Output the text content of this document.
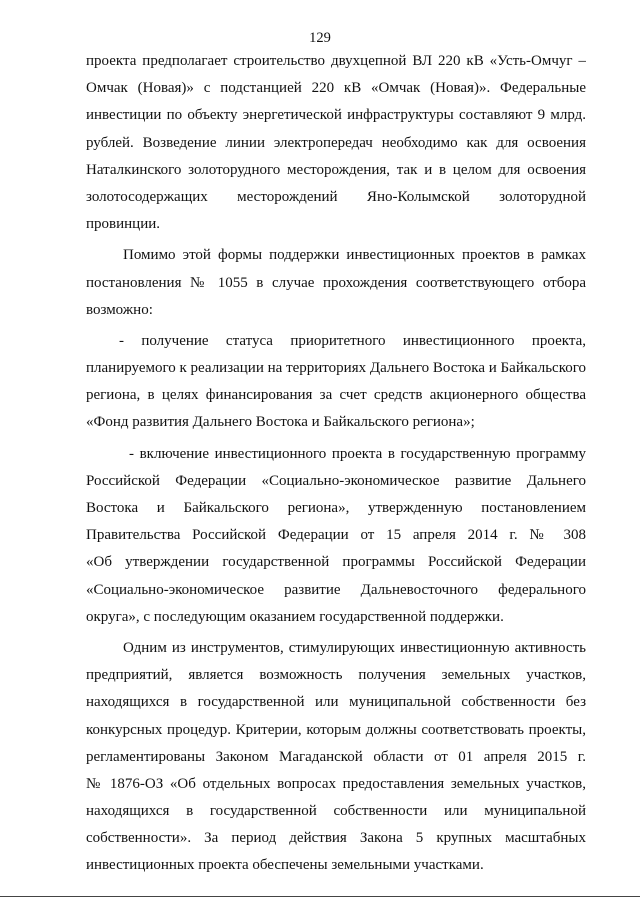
129
проекта предполагает строительство двухцепной ВЛ 220 кВ «Усть-Омчуг –
Омчак (Новая)» с подстанцией 220 кВ «Омчак (Новая)». Федеральные
инвестиции по объекту энергетической инфраструктуры составляют 9 млрд.
рублей. Возведение линии электропередач необходимо как для освоения
Наталкинского золоторудного месторождения, так и в целом для освоения
золотосодержащих месторождений Яно-Колымской золоторудной
провинции.
Помимо этой формы поддержки инвестиционных проектов в рамках
постановления № 1055 в случае прохождения соответствующего отбора
возможно:
- получение статуса приоритетного инвестиционного проекта,
планируемого к реализации на территориях Дальнего Востока и Байкальского
региона, в целях финансирования за счет средств акционерного общества
«Фонд развития Дальнего Востока и Байкальского региона»;
- включение инвестиционного проекта в государственную программу
Российской Федерации «Социально-экономическое развитие Дальнего
Востока и Байкальского региона», утвержденную постановлением
Правительства Российской Федерации от 15 апреля 2014 г. № 308
«Об утверждении государственной программы Российской Федерации
«Социально-экономическое развитие Дальневосточного федерального
округа», с последующим оказанием государственной поддержки.
Одним из инструментов, стимулирующих инвестиционную активность
предприятий, является возможность получения земельных участков,
находящихся в государственной или муниципальной собственности без
конкурсных процедур. Критерии, которым должны соответствовать проекты,
регламентированы Законом Магаданской области от 01 апреля 2015 г.
№ 1876-ОЗ «Об отдельных вопросах предоставления земельных участков,
находящихся в государственной собственности или муниципальной
собственности». За период действия Закона 5 крупных масштабных
инвестиционных проекта обеспечены земельными участками.
